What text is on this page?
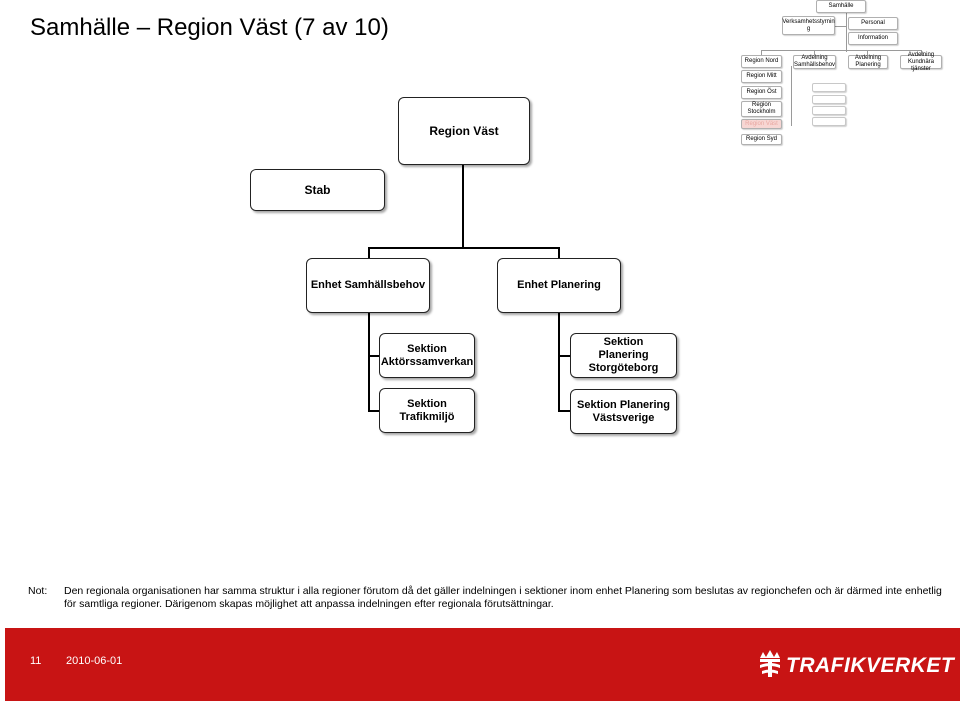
Samhälle – Region Väst (7 av 10)
Samhälle
Verksamhetsstyrnin g
Personal
Information
Region Nord
Region Mitt
Region Öst
Region Stockholm
Region Väst
Region Syd
Avdelning Samhällsbehov
Avdelning Planering
Avdelning Kundnära tjänster
Region Väst
Stab
Enhet Samhällsbehov	Enhet Planering
Sektion Aktörssamverkan
Sektion Trafikmiljö
Sektion Planering Storgöteborg
Sektion Planering Västsverige
Not: Den regionala organisationen har samma struktur i alla regioner förutom då det gäller indelningen i sektioner inom enhet Planering som beslutas av regionchefen och är därmed inte enhetlig för samtliga regioner. Därigenom skapas möjlighet att anpassa indelningen efter regionala förutsättningar.
11 2010-06-01	TRAFIKVERKET
